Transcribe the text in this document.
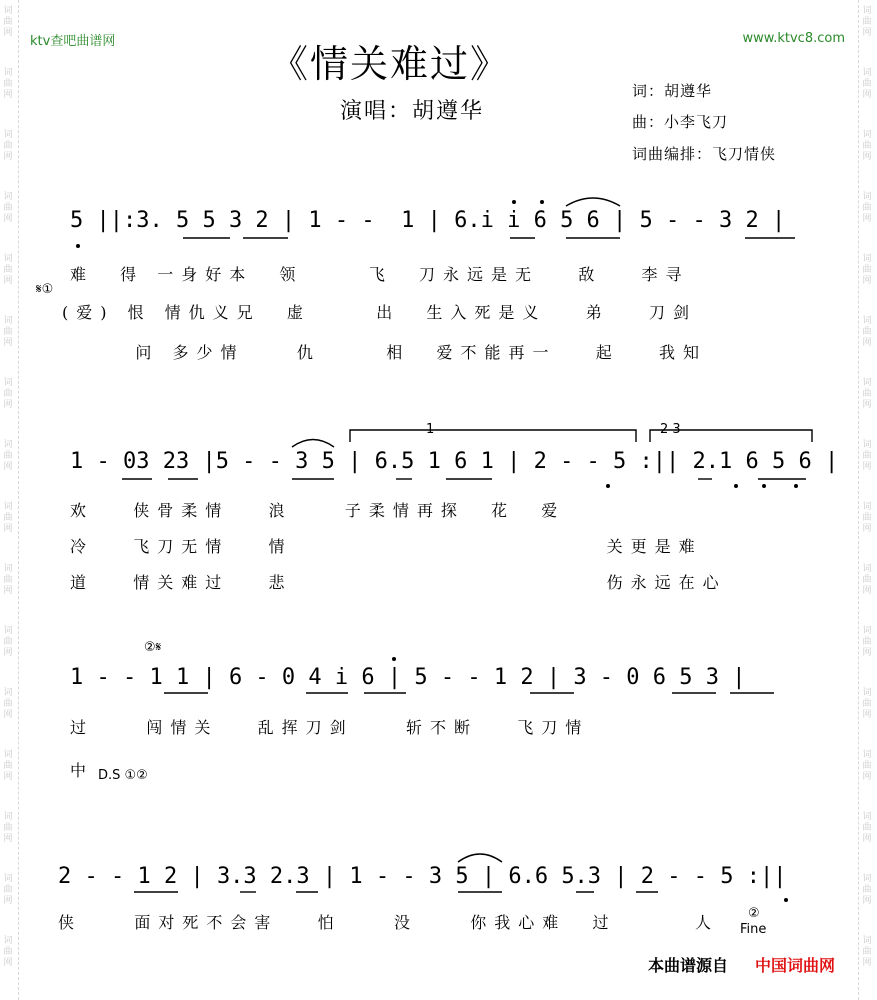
词曲网
词曲网
词曲网
词曲网
词曲网
词曲网
词曲网
词曲网
词曲网
词曲网
词曲网
词曲网
词曲网
词曲网
词曲网
词曲网
词曲网
词曲网
词曲网
词曲网
词曲网
词曲网
词曲网
词曲网
词曲网
词曲网
词曲网
词曲网
词曲网
词曲网
词曲网
词曲网
ktv查吧曲谱网	www.ktvc8.com
《情关难过》
演唱：胡遵华
词：胡遵华
曲：小李飞刀
词曲编排：飞刀情侠
5 ||:3. 5 5 3 2 | 1 - -  1 | 6.i i 6 5 6 | 5 - - 3 2 |
𝄋①
难  得 一身好本  领     飞  刀永远是无   敌   李寻
(爱) 恨 情仇义兄  虚     出  生入死是义   弟   刀剑
问 多少情    仇     相  爱不能再一   起   我知
1 - 03 23 |5 - - 3 5 | 6.5 1 6 1 | 2 - - 5 :|| 2.1 6 5 6 |
1	2 3
欢   侠骨柔情   浪    子柔情再探  花  爱
冷   飞刀无情   情                        关更是难
道   情关难过   悲                        伤永远在心
②𝄋
1 - - 1 1 | 6 - 0 4 i 6 | 5 - - 1 2 | 3 - 0 6 5 3 |
过    闯情关   乱挥刀剑    斩不断   飞刀情
中 D.S ①②
2 - - 1 2 | 3.3 2.3 | 1 - - 3 5 | 6.6 5.3 | 2 - - 5 :||
侠    面对死不会害   怕    没    你我心难  过      人 ②
Fine
本曲谱源自 中国词曲网
